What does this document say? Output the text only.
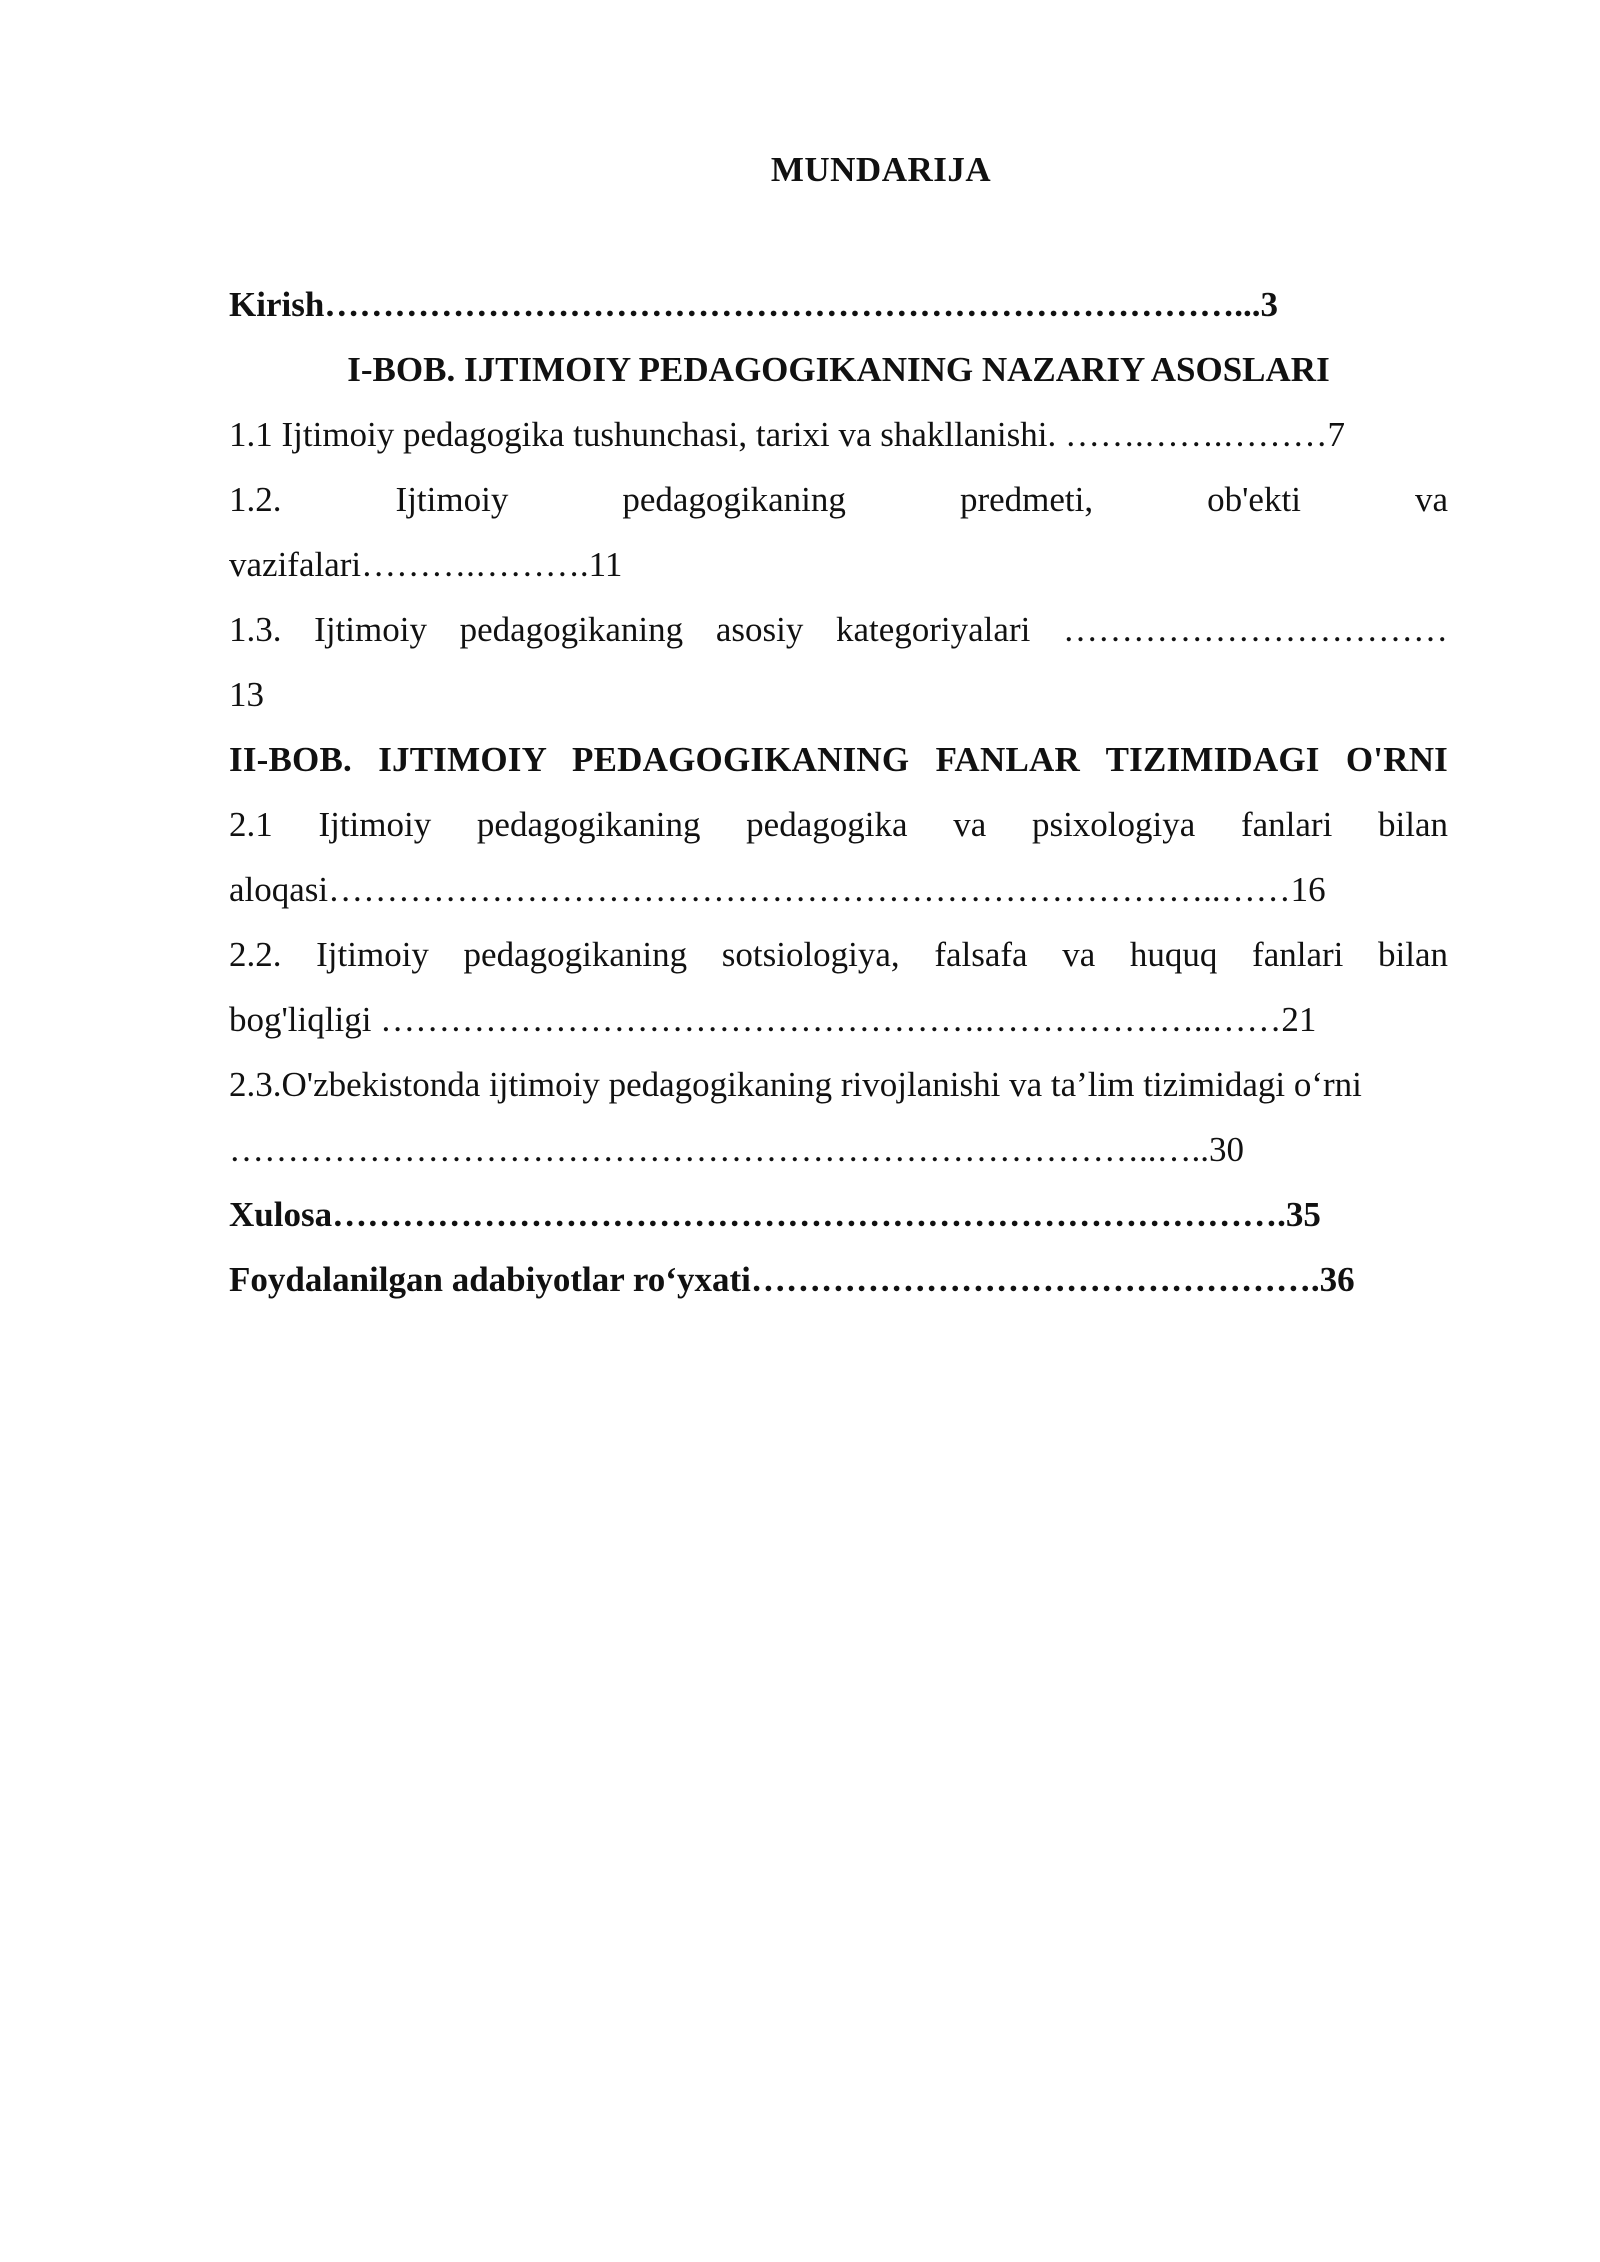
MUNDARIJA
Kirish……………………………………………………………………...3
I-BOB. IJTIMOIY PEDAGOGIKANING NAZARIY ASOSLARI
1.1 Ijtimoiy pedagogika tushunchasi, tarixi va shakllanishi. …….…….………7
1.2. Ijtimoiy pedagogikaning predmeti, ob'ekti va
vazifalari……….……….11
1.3. Ijtimoiy pedagogikaning asosiy kategoriyalari ……………………………
13
II-BOB. IJTIMOIY PEDAGOGIKANING FANLAR TIZIMIDAGI O'RNI
2.1 Ijtimoiy pedagogikaning pedagogika va psixologiya fanlari bilan
aloqasi…………………………………………………………………..……16
2.2. Ijtimoiy pedagogikaning sotsiologiya, falsafa va huquq fanlari bilan
bog'liqligi …………………………………………….………………..……21
2.3.O'zbekistonda ijtimoiy pedagogikaning rivojlanishi va ta’lim tizimidagi o‘rni
……………………………………………………………………..…..30
Xulosa……………………………………………………………………….35
Foydalanilgan adabiyotlar ro‘yxati………………………………………….36
